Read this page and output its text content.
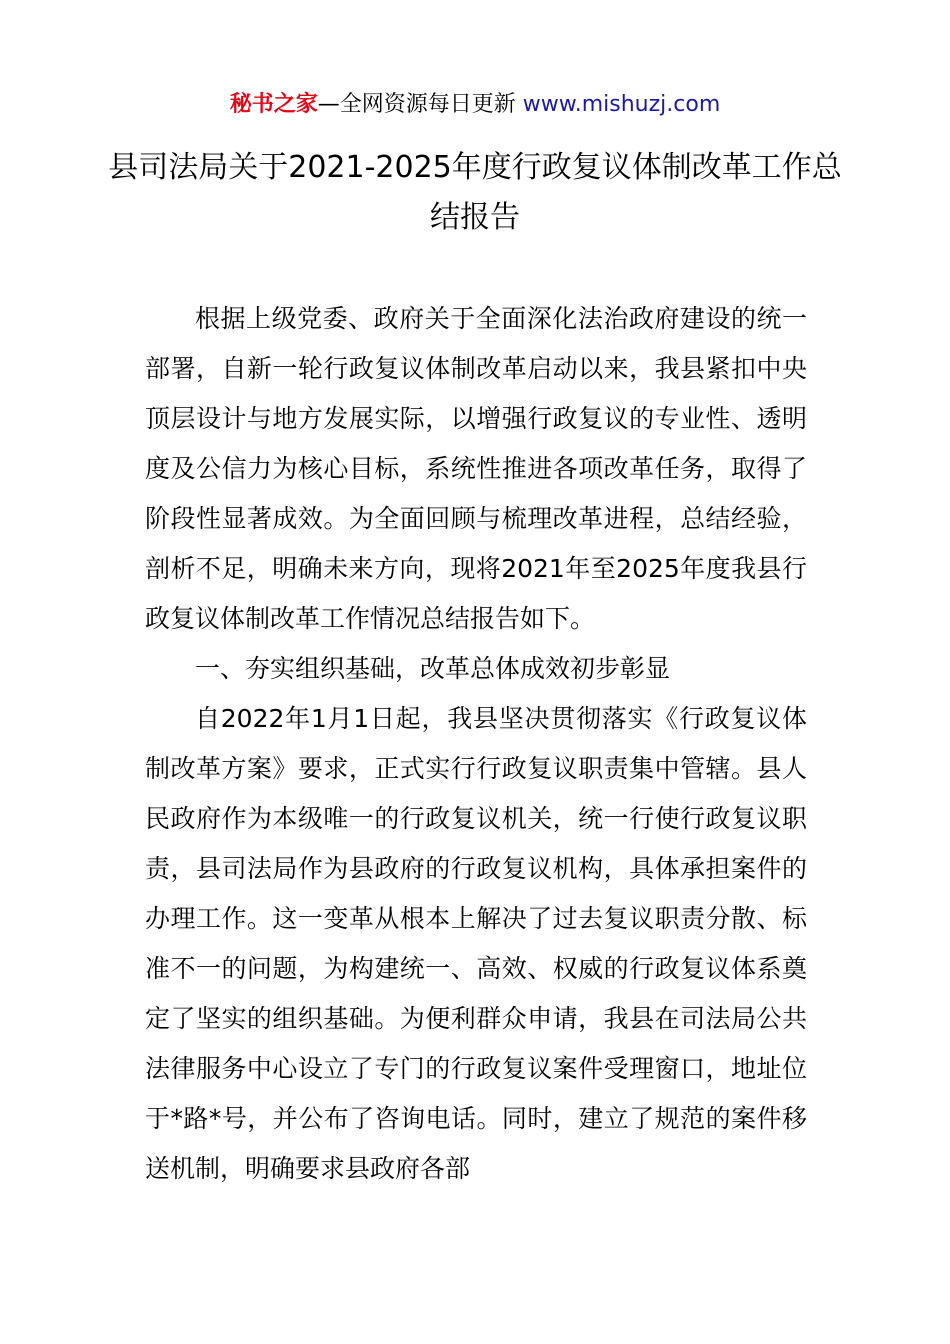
秘书之家—全网资源每日更新 www.mishuzj.com
县司法局关于2021-2025年度行政复议体制改革工作总结报告

根据上级党委、政府关于全面深化法治政府建设的统一部署，自新一轮行政复议体制改革启动以来，我县紧扣中央顶层设计与地方发展实际，以增强行政复议的专业性、透明度及公信力为核心目标，系统性推进各项改革任务，取得了阶段性显著成效。为全面回顾与梳理改革进程，总结经验，剖析不足，明确未来方向，现将2021年至2025年度我县行政复议体制改革工作情况总结报告如下。

一、夯实组织基础，改革总体成效初步彰显

自2022年1月1日起，我县坚决贯彻落实《行政复议体制改革方案》要求，正式实行行政复议职责集中管辖。县人民政府作为本级唯一的行政复议机关，统一行使行政复议职责，县司法局作为县政府的行政复议机构，具体承担案件的办理工作。这一变革从根本上解决了过去复议职责分散、标准不一的问题，为构建统一、高效、权威的行政复议体系奠定了坚实的组织基础。为便利群众申请，我县在司法局公共法律服务中心设立了专门的行政复议案件受理窗口，地址位于*路*号，并公布了咨询电话。同时，建立了规范的案件移送机制，明确要求县政府各部
